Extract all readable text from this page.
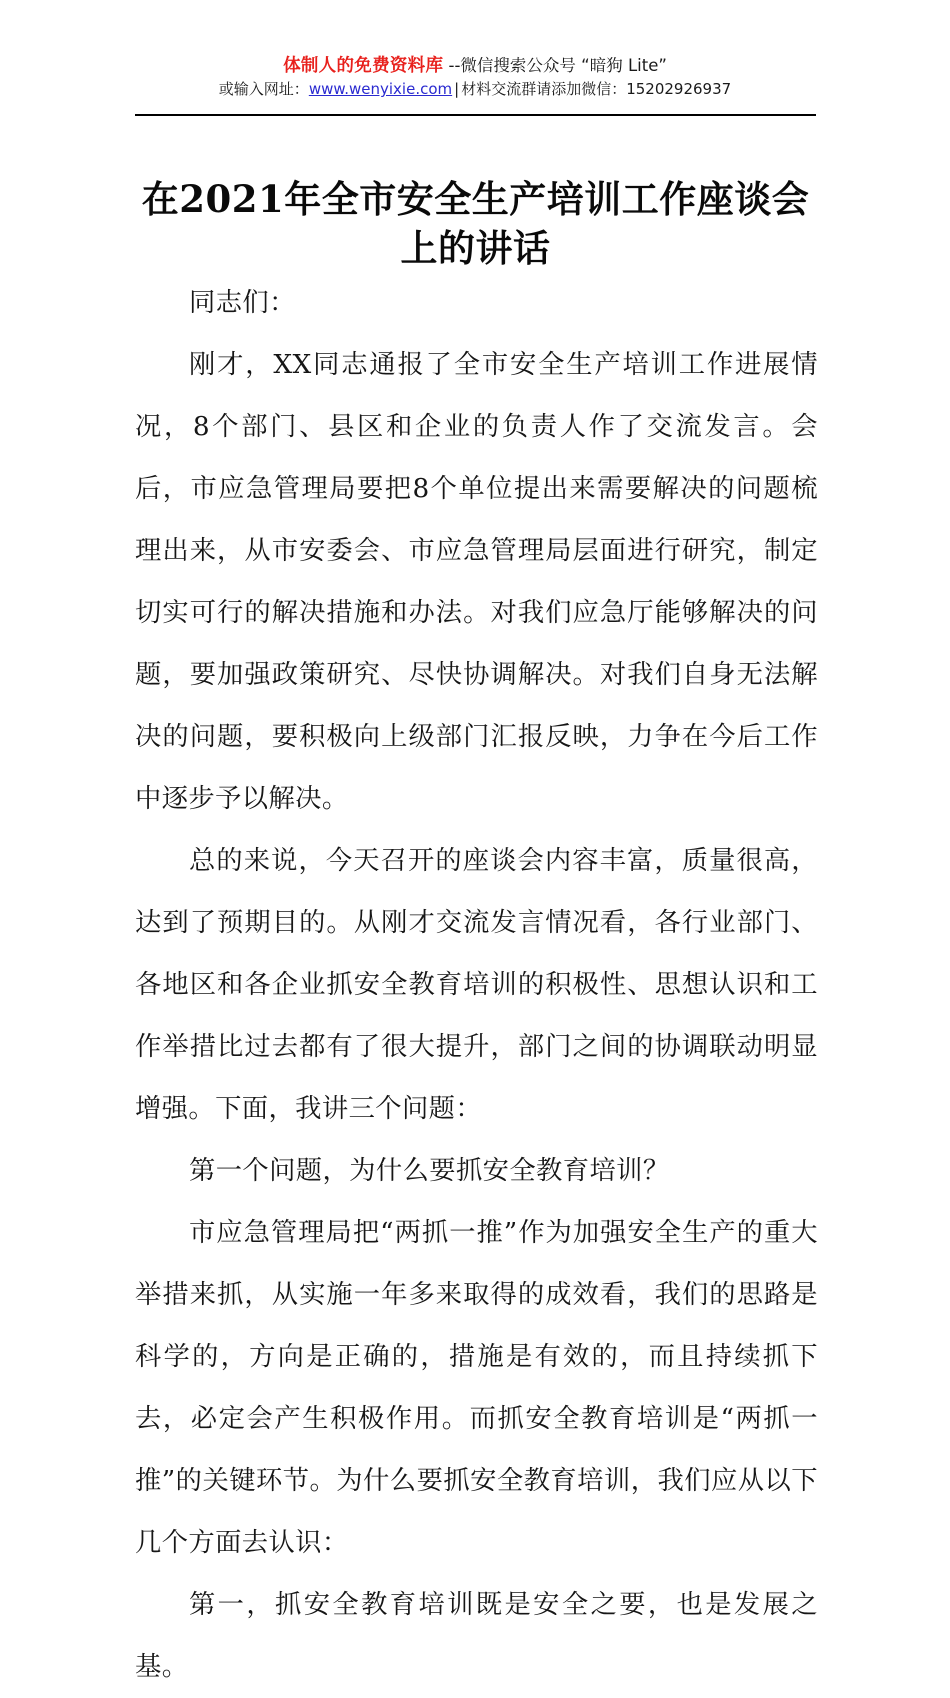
体制人的免费资料库 --微信搜索公众号 “暗狗 Lite”
或输入网址：www.wenyixie.com | 材料交流群请添加微信：15202926937
在2021年全市安全生产培训工作座谈会上的讲话

同志们：

刚才，XX同志通报了全市安全生产培训工作进展情况，8个部门、县区和企业的负责人作了交流发言。会后，市应急管理局要把8个单位提出来需要解决的问题梳理出来，从市安委会、市应急管理局层面进行研究，制定切实可行的解决措施和办法。对我们应急厅能够解决的问题，要加强政策研究、尽快协调解决。对我们自身无法解决的问题，要积极向上级部门汇报反映，力争在今后工作中逐步予以解决。

总的来说，今天召开的座谈会内容丰富，质量很高，达到了预期目的。从刚才交流发言情况看，各行业部门、各地区和各企业抓安全教育培训的积极性、思想认识和工作举措比过去都有了很大提升，部门之间的协调联动明显增强。下面，我讲三个问题：

第一个问题，为什么要抓安全教育培训？

市应急管理局把“两抓一推”作为加强安全生产的重大举措来抓，从实施一年多来取得的成效看，我们的思路是科学的，方向是正确的，措施是有效的，而且持续抓下去，必定会产生积极作用。而抓安全教育培训是“两抓一推”的关键环节。为什么要抓安全教育培训，我们应从以下几个方面去认识：

第一，抓安全教育培训既是安全之要，也是发展之基。
